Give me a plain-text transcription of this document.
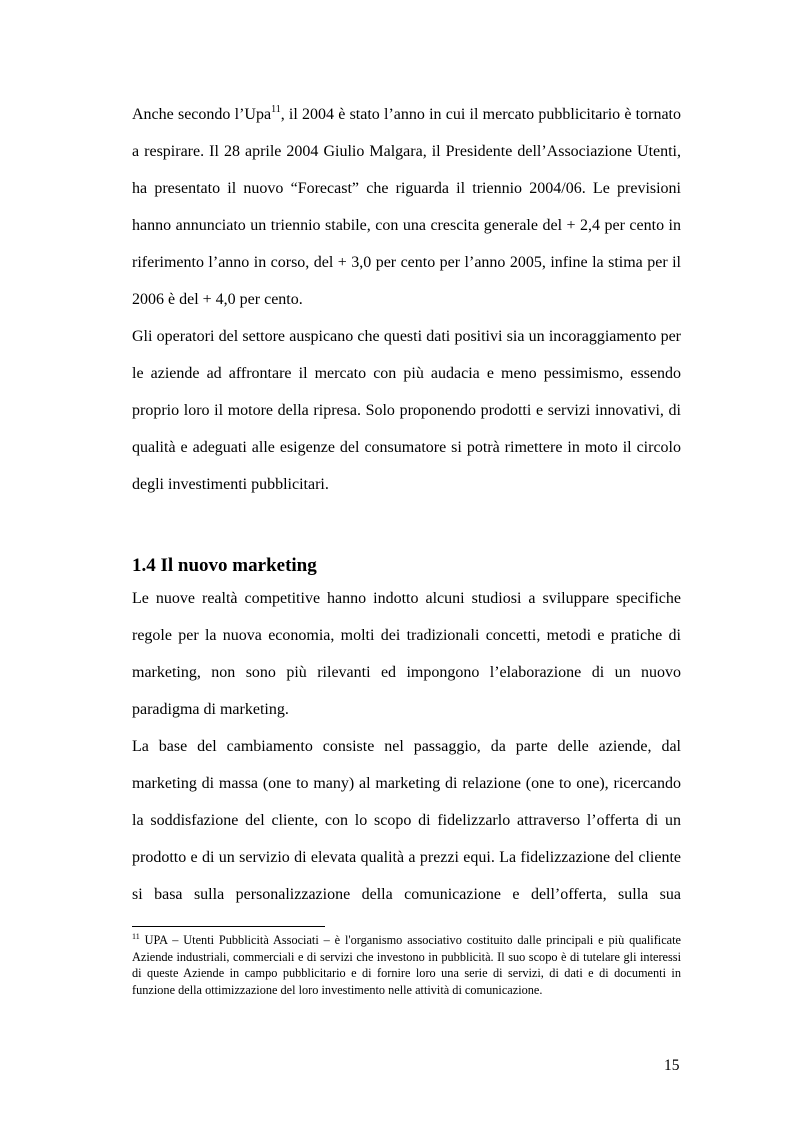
Anche secondo l’Upa$^{11}$, il 2004 è stato l’anno in cui il mercato pubblicitario è tornato
a respirare. Il 28 aprile 2004 Giulio Malgara, il Presidente dell’Associazione Utenti,
ha presentato il nuovo “Forecast” che riguarda il triennio 2004/06. Le previsioni
hanno annunciato un triennio stabile, con una crescita generale del + 2,4 per cento in
riferimento l’anno in corso, del + 3,0 per cento per l’anno 2005, infine la stima per il
2006 è del + 4,0 per cento.
Gli operatori del settore auspicano che questi dati positivi sia un incoraggiamento per
le aziende ad affrontare il mercato con più audacia e meno pessimismo, essendo
proprio loro il motore della ripresa. Solo proponendo prodotti e servizi innovativi, di
qualità e adeguati alle esigenze del consumatore si potrà rimettere in moto il circolo
degli investimenti pubblicitari.
1.4 Il nuovo marketing
Le nuove realtà competitive hanno indotto alcuni studiosi a sviluppare specifiche
regole per la nuova economia, molti dei tradizionali concetti, metodi e pratiche di
marketing, non sono più rilevanti ed impongono l’elaborazione di un nuovo
paradigma di marketing.
La base del cambiamento consiste nel passaggio, da parte delle aziende, dal
marketing di massa (one to many) al marketing di relazione (one to one), ricercando
la soddisfazione del cliente, con lo scopo di fidelizzarlo attraverso l’offerta di un
prodotto e di un servizio di elevata qualità a prezzi equi. La fidelizzazione del cliente
si basa sulla personalizzazione della comunicazione e dell’offerta, sulla sua
$^{11}$ UPA – Utenti Pubblicità Associati – è l'organismo associativo costituito dalle principali e più qualificate Aziende industriali, commerciali e di servizi che investono in pubblicità. Il suo scopo è di tutelare gli interessi di queste Aziende in campo pubblicitario e di fornire loro una serie di servizi, di dati e di documenti in funzione della ottimizzazione del loro investimento nelle attività di comunicazione.
15
